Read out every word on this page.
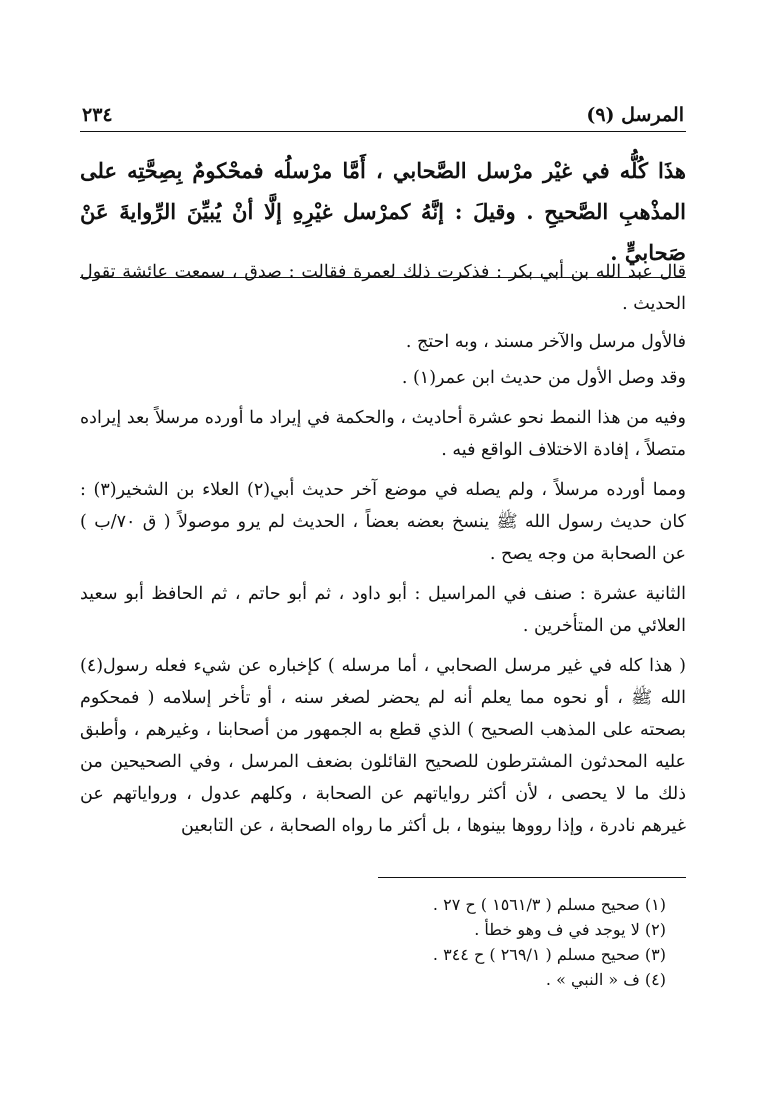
٢٣٤	(٩) المرسل
هذَا كُلُّه في غيْر مرْسل الصَّحابي ، أَمَّا مرْسلُه فمحْكومٌ بِصِحَّتِه على المذْهبِ الصَّحيحِ . وقيلَ : إنَّهُ كمرْسل غيْرِهِ إلَّا أنْ يُبيِّنَ الرِّوايةَ عَنْ صَحابيٍّ .

قال عبد الله بن أبي بكر : فذكرت ذلك لعمرة فقالت : صدق ، سمعت عائشة تقول الحديث .

فالأول مرسل والآخر مسند ، وبه احتج .

وقد وصل الأول من حديث ابن عمر(١) .

وفيه من هذا النمط نحو عشرة أحاديث ، والحكمة في إيراد ما أورده مرسلاً بعد إيراده متصلاً ، إفادة الاختلاف الواقع فيه .

ومما أورده مرسلاً ، ولم يصله في موضع آخر حديث أبي(٢) العلاء بن الشخير(٣) : كان حديث رسول الله ﷺ ينسخ بعضه بعضاً ، الحديث لم يرو موصولاً ( ق ٧٠/ب ) عن الصحابة من وجه يصح .

الثانية عشرة : صنف في المراسيل : أبو داود ، ثم أبو حاتم ، ثم الحافظ أبو سعيد العلائي من المتأخرين .

( هذا كله في غير مرسل الصحابي ، أما مرسله ) كإخباره عن شيء فعله رسول(٤) الله ﷺ ، أو نحوه مما يعلم أنه لم يحضر لصغر سنه ، أو تأخر إسلامه ( فمحكوم بصحته على المذهب الصحيح ) الذي قطع به الجمهور من أصحابنا ، وغيرهم ، وأطبق عليه المحدثون المشترطون للصحيح القائلون بضعف المرسل ، وفي الصحيحين من ذلك ما لا يحصى ، لأن أكثر رواياتهم عن الصحابة ، وكلهم عدول ، ورواياتهم عن غيرهم نادرة ، وإذا رووها بينوها ، بل أكثر ما رواه الصحابة ، عن التابعين

(١) صحيح مسلم ( ١٥٦١/٣ ) ح ٢٧ .
(٢) لا يوجد في ف وهو خطأ .
(٣) صحيح مسلم ( ٢٦٩/١ ) ح ٣٤٤ .
(٤) ف « النبي » .
